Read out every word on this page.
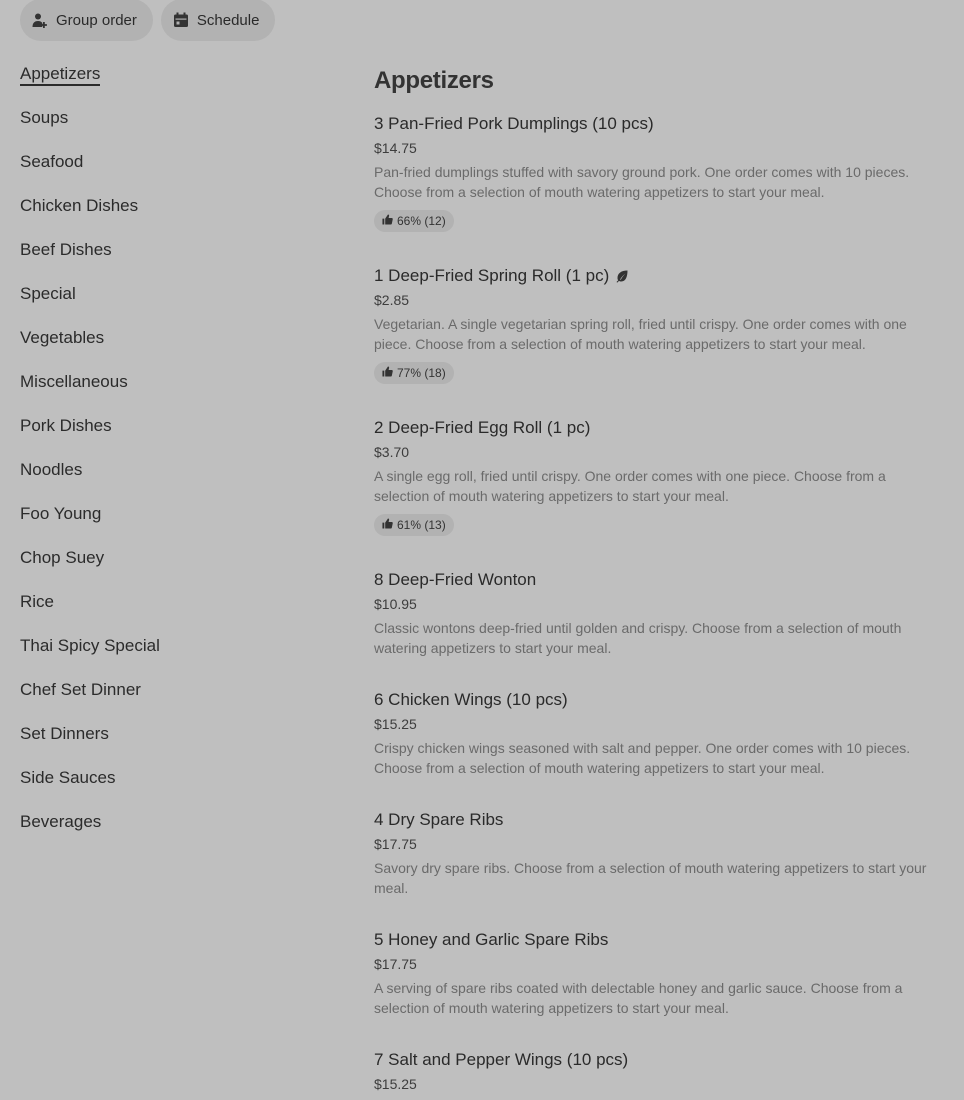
Group order	Schedule
Appetizers
Soups
Seafood
Chicken Dishes
Beef Dishes
Special
Vegetables
Miscellaneous
Pork Dishes
Noodles
Foo Young
Chop Suey
Rice
Thai Spicy Special
Chef Set Dinner
Set Dinners
Side Sauces
Beverages
Appetizers
3 Pan-Fried Pork Dumplings (10 pcs)
$14.75
Pan-fried dumplings stuffed with savory ground pork. One order comes with 10 pieces. Choose from a selection of mouth watering appetizers to start your meal.
66% (12)
1 Deep-Fried Spring Roll (1 pc)
$2.85
Vegetarian. A single vegetarian spring roll, fried until crispy. One order comes with one piece. Choose from a selection of mouth watering appetizers to start your meal.
77% (18)
2 Deep-Fried Egg Roll (1 pc)
$3.70
A single egg roll, fried until crispy. One order comes with one piece. Choose from a selection of mouth watering appetizers to start your meal.
61% (13)
8 Deep-Fried Wonton
$10.95
Classic wontons deep-fried until golden and crispy. Choose from a selection of mouth watering appetizers to start your meal.
6 Chicken Wings (10 pcs)
$15.25
Crispy chicken wings seasoned with salt and pepper. One order comes with 10 pieces. Choose from a selection of mouth watering appetizers to start your meal.
4 Dry Spare Ribs
$17.75
Savory dry spare ribs. Choose from a selection of mouth watering appetizers to start your meal.
5 Honey and Garlic Spare Ribs
$17.75
A serving of spare ribs coated with delectable honey and garlic sauce. Choose from a selection of mouth watering appetizers to start your meal.
7 Salt and Pepper Wings (10 pcs)
$15.25
